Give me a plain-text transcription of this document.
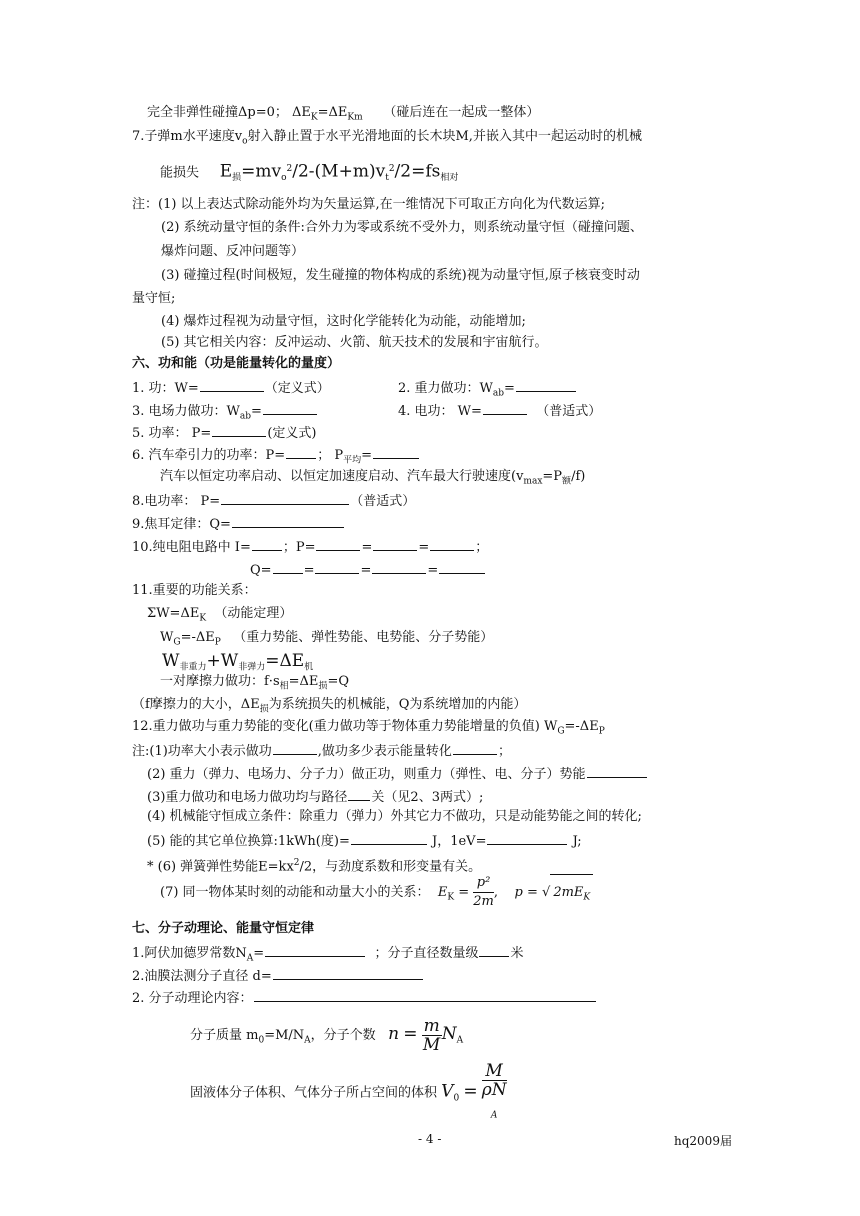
完全非弹性碰撞Δp=0； $\Delta E_K=\Delta E_{Km}$ （碰后连在一起成一整体）
7.子弹m水平速度$v_o$射入静止置于水平光滑地面的长木块M,并嵌入其中一起运动时的机械
能损失 $E_损=mv_o^2/2-(M+m)v_t^2/2=fs_{相对}$
注：(1) 以上表达式除动能外均为矢量运算,在一维情况下可取正方向化为代数运算;
(2) 系统动量守恒的条件:合外力为零或系统不受外力，则系统动量守恒（碰撞问题、
爆炸问题、反冲问题等）
(3) 碰撞过程(时间极短，发生碰撞的物体构成的系统)视为动量守恒,原子核衰变时动
量守恒;
(4) 爆炸过程视为动量守恒，这时化学能转化为动能，动能增加;
(5) 其它相关内容：反冲运动、火箭、航天技术的发展和宇宙航行。
六、功和能（功是能量转化的量度）
1. 功：W=	（定义式）	2. 重力做功：$W_{ab}=$
3. 电场力做功：$W_{ab}=$	4. 电功： W=	（普适式）
5. 功率： P=	(定义式)
6. 汽车牵引力的功率：P= ； $P_{平均}=$
汽车以恒定功率启动、以恒定加速度启动、汽车最大行驶速度$(v_{max}=P_额/f)$
8.电功率： P=	（普适式）
9.焦耳定律：Q=
10.纯电阻电路中 I= ；P=	=	=	；
Q= =	=	=
11.重要的功能关系：
$\Sigma W=\Delta E_K$ （动能定理）
$W_G=-\Delta E_P$ （重力势能、弹性势能、电势能、分子势能）
$W_{非重力}+W_{非弹力}=\Delta E_机$
一对摩擦力做功：$f\cdot s_相=\Delta E_损=Q$
（f摩擦力的大小，$\Delta E_损$为系统损失的机械能，Q为系统增加的内能）
12.重力做功与重力势能的变化(重力做功等于物体重力势能增量的负值) $W_G=-\Delta E_P$
注:(1)功率大小表示做功	,做功多少表示能量转化	；
(2) 重力（弹力、电场力、分子力）做正功，则重力（弹性、电、分子）势能
(3)重力做功和电场力做功均与路径 关（见2、3两式）;
(4) 机械能守恒成立条件：除重力（弹力）外其它力不做功，只是动能势能之间的转化;
(5) 能的其它单位换算:1kWh(度)=	J，1eV=	J;
* (6) 弹簧弹性势能$E=kx^2/2$，与劲度系数和形变量有关。
(7) 同一物体某时刻的动能和动量大小的关系： $E_K = \frac{\text{p²}}{2m}$ , p = √ $2mE_K$
七、分子动理论、能量守恒定律
1.阿伏加德罗常数$N_A=$	；分子直径数量级 米
2.油膜法测分子直径 d=
2. 分子动理论内容：
分子质量 $m_0=M/N_A$，分子个数 $n = \frac{m}{M} N_A$
固液体分子体积、气体分子所占空间的体积 $V_0 = M$
ρN
$_A$
- 4 -	hq2009届
